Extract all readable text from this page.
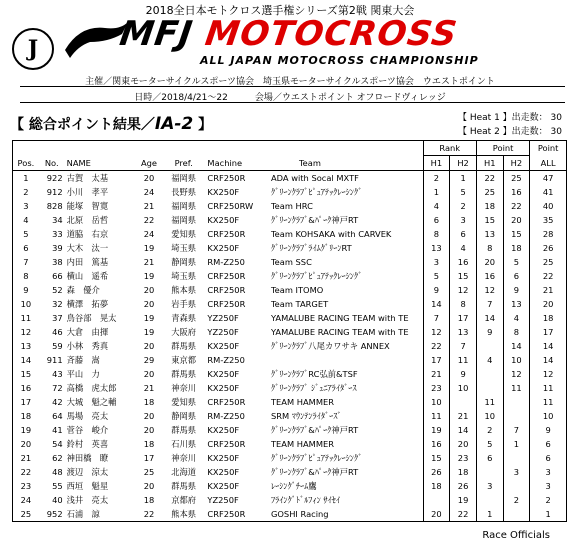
2018全日本モトクロス選手権シリーズ第2戦 関東大会
J MFJ MOTOCROSS
ALL JAPAN MOTOCROSS CHAMPIONSHIP
主催／関東モーターサイクルスポーツ協会　埼玉県モーターサイクルスポーツ協会　ウエストポイント
日時／2018/4/21～22　　　会場／ウエストポイント オフロードヴィレッジ
【 総合ポイント結果／IA-2 】	【 Heat 1 】出走数： 30
【 Heat 2 】出走数： 30
							Rank		Point		Point
Pos.	No.	NAME	Age	Pref.	Machine	Team	H1	H2	H1	H2	ALL
1	922	古賀　太基	20	福岡県	CRF250R	ADA with Socal MXTF	2	1	22	25	47
2	912	小川　孝平	24	長野県	KX250F	ｸﾞﾘｰﾝｸﾗﾌﾞﾋﾟｭｱﾃｯｸﾚｰｼﾝｸﾞ	1	5	25	16	41
3	828	能塚　智寛	21	福岡県	CRF250RW	Team HRC	4	2	18	22	40
4	34	北原　岳哲	22	福岡県	KX250F	ｸﾞﾘｰﾝｸﾗﾌﾞ&ﾊﾟｰｸ神戸RT	6	3	15	20	35
5	33	道脇　右京	24	愛知県	CRF250R	Team KOHSAKA with CARVEK	8	6	13	15	28
6	39	大木　汰一	19	埼玉県	KX250F	ｸﾞﾘｰﾝｸﾗﾌﾞﾗｲﾑｸﾞﾘｰﾝRT	13	4	8	18	26
7	38	内田　篤基	21	静岡県	RM-Z250	Team SSC	3	16	20	5	25
8	66	横山　遥希	19	埼玉県	CRF250R	ｸﾞﾘｰﾝｸﾗﾌﾞﾋﾟｭｱﾃｯｸﾚｰｼﾝｸﾞ	5	15	16	6	22
9	52	森　優介	20	熊本県	CRF250R	Team ITOMO	9	12	12	9	21
10	32	横澤　拓夢	20	岩手県	CRF250R	Team TARGET	14	8	7	13	20
11	37	鳥谷部　晃太	19	青森県	YZ250F	YAMALUBE RACING TEAM with TE	7	17	14	4	18
12	46	大倉　由揮	19	大阪府	YZ250F	YAMALUBE RACING TEAM with TE	12	13	9	8	17
13	59	小林　秀真	20	群馬県	KX250F	ｸﾞﾘｰﾝｸﾗﾌﾞ八尾カワサキ ANNEX	22	7		14	14
14	911	斉藤　嵩	29	東京都	RM-Z250		17	11	4	10	14
15	43	平山　力	20	群馬県	KX250F	ｸﾞﾘｰﾝｸﾗﾌﾞRC弘前&TSF	21	9		12	12
16	72	高橋　虎太郎	21	神奈川	KX250F	ｸﾞﾘｰﾝｸﾗﾌﾞ ｼﾞｭﾆｱﾗｲﾀﾞｰｽ	23	10		11	11
17	42	大城　魁之輔	18	愛知県	CRF250R	TEAM HAMMER	10		11		11
18	64	馬場　亮太	20	静岡県	RM-Z250	SRM ﾏｳﾝﾃﾝﾗｲﾀﾞｰｽﾞ	11	21	10		10
19	41	菅谷　峻介	20	群馬県	KX250F	ｸﾞﾘｰﾝｸﾗﾌﾞ&ﾊﾟｰｸ神戸RT	19	14	2	7	9
20	54	鈴村　英喜	18	石川県	CRF250R	TEAM HAMMER	16	20	5	1	6
21	62	神田橋　瞭	17	神奈川	KX250F	ｸﾞﾘｰﾝｸﾗﾌﾞﾋﾟｭｱﾃｯｸﾚｰｼﾝｸﾞ	15	23	6		6
22	48	渡辺　涼太	25	北海道	KX250F	ｸﾞﾘｰﾝｸﾗﾌﾞ&ﾊﾟｰｸ神戸RT	26	18		3	3
23	55	西垣　魁星	20	群馬県	KX250F	ﾚｰｼﾝｸﾞﾁｰﾑ鷹	18	26	3		3
24	40	浅井　亮太	18	京都府	YZ250F	ﾌﾗｲﾝｸﾞﾄﾞﾙﾌｨﾝ ｻｲｾｲ		19		2	2
25	952	石浦　諒	22	熊本県	CRF250R	GOSHI Racing	20	22	1		1
Race Officials
